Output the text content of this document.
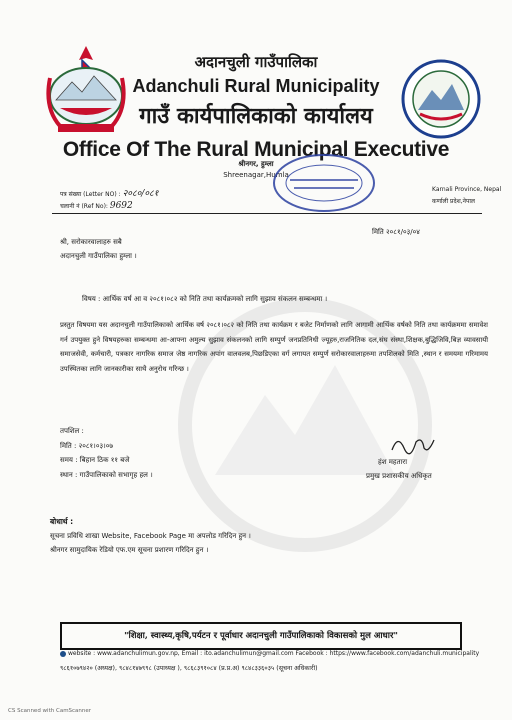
अदानचुली गाउँपालिका
Adanchuli Rural Municipality
गाउँ कार्यपालिकाको कार्यालय
Office Of The Rural Municipal Executive
श्रीनगर, हुम्ला
Shreenagar,Humla
पत्र संख्या (Letter NO) : २०८०/०८१
चलानी नं (Ref No): 9692
Karnali Province, Nepal
कर्णाली प्रदेश,नेपाल
मिति २०८१/०३/०४
श्री, सरोकारवालाहरु सबै
अदानचुली गाउँपालिका हुम्ला ।
विषय : आर्थिक वर्ष आ व २०८१।०८२ को निति तथा कार्यक्रमको लागि सुझाव संकलन सम्बन्धमा ।
प्रस्तुत विषयमा यस अदानचुली गाउँपालिकाको आर्थिक वर्ष २०८१।०८२ को निति तथा कार्यक्रम र बजेट निर्माणको लागि आगामी आर्थिक वर्षको निति तथा कार्यक्रममा समावेश गर्न उपयुक्त हुने विषयहरुका सम्बन्धमा आ-आफ्ना अमुल्य सुझाव संकलनको लागि सम्पुर्ण जनप्रतिनिधी ज्यूहरु,राजनितिक दल,संघ संस्था,शिक्षक,बुद्धिजिवि,बिज्ञ व्यावसायी समाजसेवी, कर्मचारी, पत्रकार नागरिक समाज जेष्ठ नागरिक अपांग वालवलब,पिछडिएका वर्ग लगायत सम्पुर्ण सरोकारवालाहरुमा तपशिलको मिति ,स्थान र समयमा गरिमामय उपस्थितका लागि जानकारीका साथै अनुरोध गरिन्छ ।
तपशिल :
मिति : २०८१।०३।०७
समय : बिहान ठिक ११ बजे
स्थान : गाउँपालिकाको सभागृह हल ।
हंश महतारा
प्रमुख प्रशासकीय अधिकृत
बोधार्थ :
सूचना प्रविधि शाखा Website, Facebook Page मा अपलोड गरिदिन हुन ।
श्रीनगर सामुदायिक रेडियो एफ.एम सूचना प्रशारण गरिदिन हुन ।
"शिक्षा, स्वास्थ्य,कृषि,पर्यटन र पूर्वाधार अदानचुली गाउँपालिकाको विकासको मुल आधार"
website : www.adanchulimun.gov.np, Email : ito.adanchulimun@gmail.com Facebook : https://www.facebook.com/adanchuli.municipality
९८६१०७९४२० (अध्यक्ष), ९८४८१४७९९८ (उपाध्यक्ष ), ९८६८३९१०८४ (प्र.प्र.अ) ९८४८३३६०३५ (सूचना अधिकारी)
CS Scanned with CamScanner
